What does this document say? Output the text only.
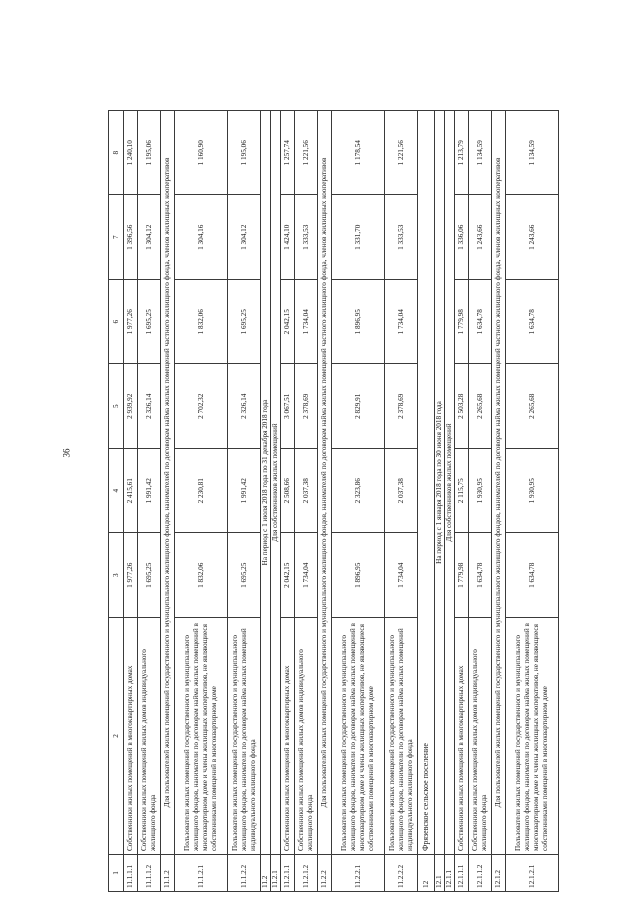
36
1	2	3	4	5	6	7	8
11.1.1.1	Собственники жилых помещений в многоквартирных домах	1 977,26	2 415,61	2 939,92	1 977,26	1 396,56	1 240,10
11.1.1.2	Собственники жилых помещений жилых домов индивидуального жилищного фонда	1 695,25	1 991,42	2 326,14	1 695,25	1 304,12	1 195,06
11.1.2	Для пользователей жилых помещений государственного и муниципального жилищного фондов, нанимателей по договорам найма жилых помещений частного жилищного фонда, членов жилищных кооперативов						
11.1.2.1	Пользователи жилых помещений государственного и муниципального жилищного фондов, наниматели по договорам найма жилых помещений в многоквартирном доме и члены жилищных кооперативов, не являющиеся собственниками помещений в многоквартирном доме	1 832,06	2 230,81	2 702,32	1 832,06	1 304,16	1 160,90
11.1.2.2	Пользователи жилых помещений государственного и муниципального жилищного фондов, наниматели по договорам найма жилых помещений индивидуального жилищного фонда	1 695,25	1 991,42	2 326,14	1 695,25	1 304,12	1 195,06
11.2	На период с 1 июля 2018 года по 31 декабря 2018 года						
11.2.1	Для собственников жилых помещений						
11.2.1.1	Собственники жилых помещений в многоквартирных домах	2 042,15	2 508,66	3 067,51	2 042,15	1 424,10	1 257,74
11.2.1.2	Собственники жилых помещений жилых домов индивидуального жилищного фонда	1 734,04	2 037,38	2 378,69	1 734,04	1 333,53	1 221,56
11.2.2	Для пользователей жилых помещений государственного и муниципального жилищного фондов, нанимателей по договорам найма жилых помещений частного жилищного фонда, членов жилищных кооперативов						
11.2.2.1	Пользователи жилых помещений государственного и муниципального жилищного фондов, наниматели по договорам найма жилых помещений в многоквартирном доме и члены жилищных кооперативов, не являющиеся собственниками помещений в многоквартирном доме	1 896,95	2 323,86	2 829,91	1 896,95	1 331,70	1 178,54
11.2.2.2	Пользователи жилых помещений государственного и муниципального жилищного фондов, наниматели по договорам найма жилых помещений индивидуального жилищного фонда	1 734,04	2 037,38	2 378,69	1 734,04	1 333,53	1 221,56
12	Фрязевское сельское поселение						
12.1	На период с 1 января 2018 года по 30 июня 2018 года						
12.1.1	Для собственников жилых помещений						
12.1.1.1	Собственники жилых помещений в многоквартирных домах	1 779,98	2 115,75	2 503,28	1 779,98	1 336,06	1 213,79
12.1.1.2	Собственники жилых помещений жилых домов индивидуального жилищного фонда	1 634,78	1 930,95	2 265,68	1 634,78	1 243,66	1 134,59
12.1.2	Для пользователей жилых помещений государственного и муниципального жилищного фондов, нанимателей по договорам найма жилых помещений частного жилищного фонда, членов жилищных кооперативов						
12.1.2.1	Пользователи жилых помещений государственного и муниципального жилищного фондов, наниматели по договорам найма жилых помещений в многоквартирном доме и члены жилищных кооперативов, не являющиеся собственниками помещений в многоквартирном доме	1 634,78	1 930,95	2 265,68	1 634,78	1 243,66	1 134,59
